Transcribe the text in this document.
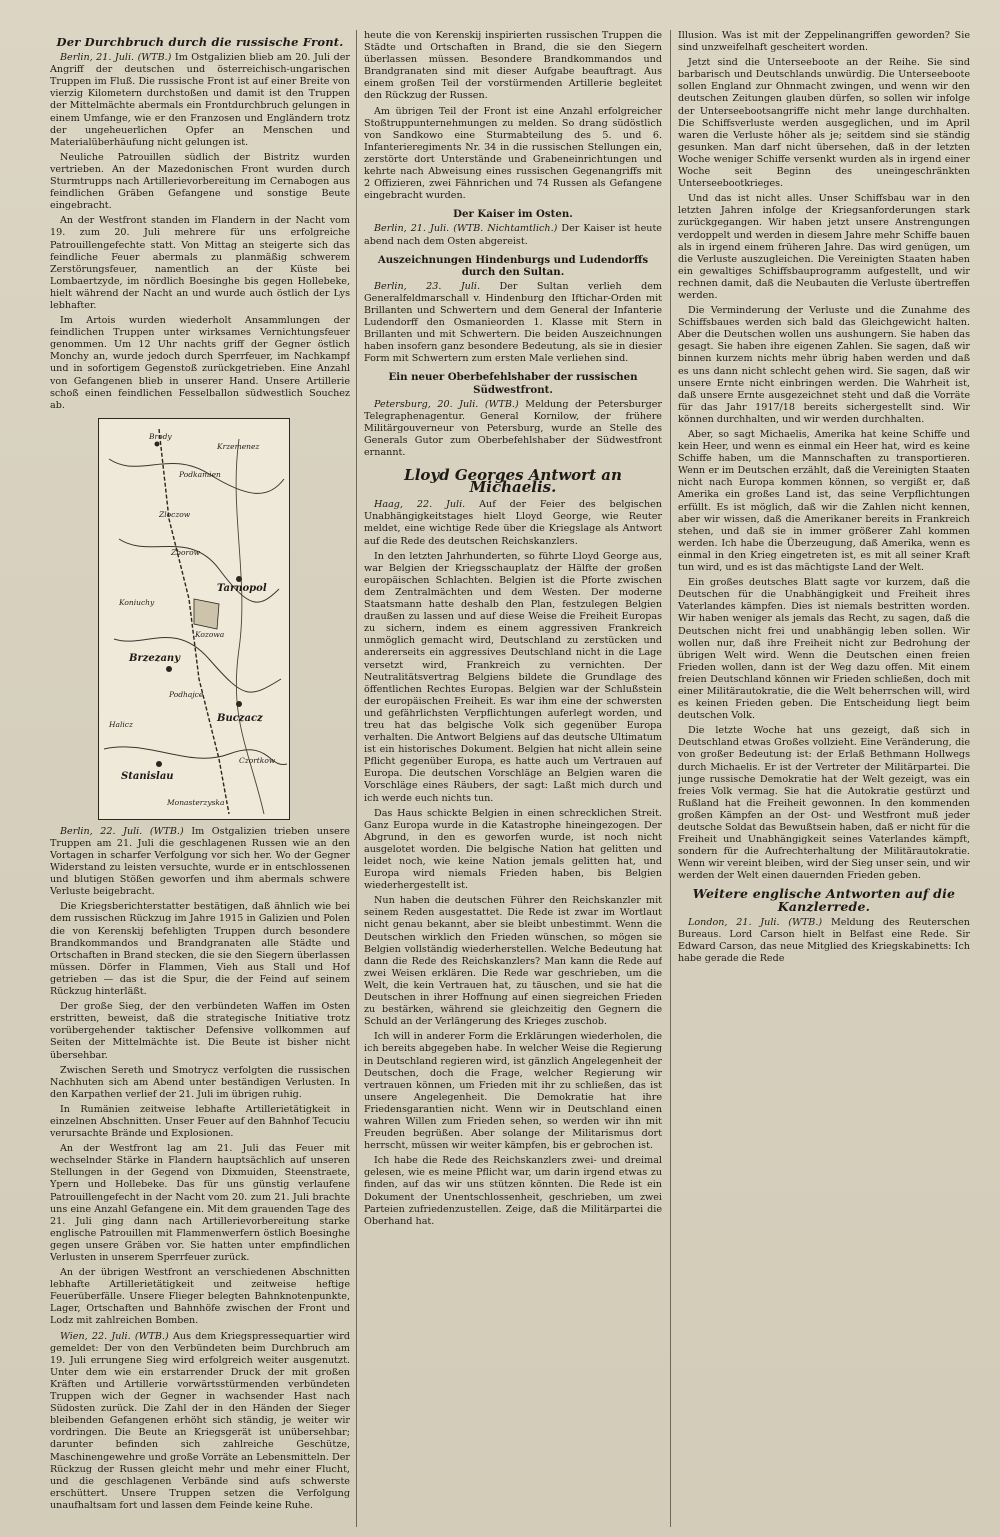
Der Durchbruch durch die russische Front.

Berlin, 21. Juli. (WTB.) Im Ostgalizien blieb am 20. Juli der Angriff der deutschen und österreichisch-ungarischen Truppen im Fluß. Die russische Front ist auf einer Breite von vierzig Kilometern durchstoßen und damit ist den Truppen der Mittelmächte abermals ein Frontdurchbruch gelungen in einem Umfange, wie er den Franzosen und Engländern trotz der ungeheuerlichen Opfer an Menschen und Materialüberhäufung nicht gelungen ist.

Neuliche Patrouillen südlich der Bistritz wurden vertrieben. An der Mazedonischen Front wurden durch Sturmtrupps nach Artillerievorbereitung im Cernabogen aus feindlichen Gräben Gefangene und sonstige Beute eingebracht.

An der Westfront standen im Flandern in der Nacht vom 19. zum 20. Juli mehrere für uns erfolgreiche Patrouillengefechte statt. Von Mittag an steigerte sich das feindliche Feuer abermals zu planmäßig schwerem Zerstörungsfeuer, namentlich an der Küste bei Lombaertzyde, im nördlich Boesinghe bis gegen Hollebeke, hielt während der Nacht an und wurde auch östlich der Lys lebhafter.

Im Artois wurden wiederholt Ansammlungen der feindlichen Truppen unter wirksames Vernichtungsfeuer genommen. Um 12 Uhr nachts griff der Gegner östlich Monchy an, wurde jedoch durch Sperrfeuer, im Nachkampf und in sofortigem Gegenstoß zurückgetrieben. Eine Anzahl von Gefangenen blieb in unserer Hand. Unsere Artillerie schoß einen feindlichen Fesselballon südwestlich Souchez ab.

Brody
Krzemenez
Podkamien
Zloczow
Zborow
Tarnopol
Brzezany
Podhajce
Buczacz
Stanislau
Czortkow
Monasterzyska
Halicz
Kozowa
Koniuchy

Berlin, 22. Juli. (WTB.) Im Ostgalizien trieben unsere Truppen am 21. Juli die geschlagenen Russen wie an den Vortagen in scharfer Verfolgung vor sich her. Wo der Gegner Widerstand zu leisten versuchte, wurde er in entschlossenen und blutigen Stößen geworfen und ihm abermals schwere Verluste beigebracht.

Die Kriegsberichterstatter bestätigen, daß ähnlich wie bei dem russischen Rückzug im Jahre 1915 in Galizien und Polen die von Kerenskij befehligten Truppen durch besondere Brandkommandos und Brandgranaten alle Städte und Ortschaften in Brand stecken, die sie den Siegern überlassen müssen. Dörfer in Flammen, Vieh aus Stall und Hof getrieben — das ist die Spur, die der Feind auf seinem Rückzug hinterläßt.

Der große Sieg, der den verbündeten Waffen im Osten erstritten, beweist, daß die strategische Initiative trotz vorübergehender taktischer Defensive vollkommen auf Seiten der Mittelmächte ist. Die Beute ist bisher nicht übersehbar.

Zwischen Sereth und Smotrycz verfolgten die russischen Nachhuten sich am Abend unter beständigen Verlusten. In den Karpathen verlief der 21. Juli im übrigen ruhig.

In Rumänien zeitweise lebhafte Artillerietätigkeit in einzelnen Abschnitten. Unser Feuer auf den Bahnhof Tecuciu verursachte Brände und Explosionen.

An der Westfront lag am 21. Juli das Feuer mit wechselnder Stärke in Flandern hauptsächlich auf unseren Stellungen in der Gegend von Dixmuiden, Steenstraete, Ypern und Hollebeke. Das für uns günstig verlaufene Patrouillengefecht in der Nacht vom 20. zum 21. Juli brachte uns eine Anzahl Gefangene ein. Mit dem grauenden Tage des 21. Juli ging dann nach Artillerievorbereitung starke englische Patrouillen mit Flammenwerfern östlich Boesinghe gegen unsere Gräben vor. Sie hatten unter empfindlichen Verlusten in unserem Sperrfeuer zurück.

An der übrigen Westfront an verschiedenen Abschnitten lebhafte Artillerietätigkeit und zeitweise heftige Feuerüberfälle. Unsere Flieger belegten Bahnknotenpunkte, Lager, Ortschaften und Bahnhöfe zwischen der Front und Lodz mit zahlreichen Bomben.

Wien, 22. Juli. (WTB.) Aus dem Kriegspressequartier wird gemeldet: Der von den Verbündeten beim Durchbruch am 19. Juli errungene Sieg wird erfolgreich weiter ausgenutzt. Unter dem wie ein erstarrender Druck der mit großen Kräften und Artillerie vorwärtsstürmenden verbündeten Truppen wich der Gegner in wachsender Hast nach Südosten zurück. Die Zahl der in den Händen der Sieger bleibenden Gefangenen erhöht sich ständig, je weiter wir vordringen. Die Beute an Kriegsgerät ist unübersehbar; darunter befinden sich zahlreiche Geschütze, Maschinengewehre und große Vorräte an Lebensmitteln. Der Rückzug der Russen gleicht mehr und mehr einer Flucht, und die geschlagenen Verbände sind aufs schwerste erschüttert. Unsere Truppen setzen die Verfolgung unaufhaltsam fort und lassen dem Feinde keine Ruhe.

heute die von Kerenskij inspirierten russischen Truppen die Städte und Ortschaften in Brand, die sie den Siegern überlassen müssen. Besondere Brandkommandos und Brandgranaten sind mit dieser Aufgabe beauftragt. Aus einem großen Teil der vorstürmenden Artillerie begleitet den Rückzug der Russen.

Am übrigen Teil der Front ist eine Anzahl erfolgreicher Stoßtruppunternehmungen zu melden. So drang südöstlich von Sandkowo eine Sturmabteilung des 5. und 6. Infanterieregiments Nr. 34 in die russischen Stellungen ein, zerstörte dort Unterstände und Grabeneinrichtungen und kehrte nach Abweisung eines russischen Gegenangriffs mit 2 Offizieren, zwei Fähnrichen und 74 Russen als Gefangene eingebracht wurden.

Der Kaiser im Osten.

Berlin, 21. Juli. (WTB. Nichtamtlich.) Der Kaiser ist heute abend nach dem Osten abgereist.

Auszeichnungen Hindenburgs und Ludendorffs durch den Sultan.

Berlin, 23. Juli. Der Sultan verlieh dem Generalfeldmarschall v. Hindenburg den Iftichar-Orden mit Brillanten und Schwertern und dem General der Infanterie Ludendorff den Osmanieorden 1. Klasse mit Stern in Brillanten und mit Schwertern. Die beiden Auszeichnungen haben insofern ganz besondere Bedeutung, als sie in diesier Form mit Schwertern zum ersten Male verliehen sind.

Ein neuer Oberbefehlshaber der russischen Südwestfront.

Petersburg, 20. Juli. (WTB.) Meldung der Petersburger Telegraphenagentur. General Kornilow, der frühere Militärgouverneur von Petersburg, wurde an Stelle des Generals Gutor zum Oberbefehlshaber der Südwestfront ernannt.

Lloyd Georges Antwort an Michaelis.

Haag, 22. Juli. Auf der Feier des belgischen Unabhängigkeitstages hielt Lloyd George, wie Reuter meldet, eine wichtige Rede über die Kriegslage als Antwort auf die Rede des deutschen Reichskanzlers.

In den letzten Jahrhunderten, so führte Lloyd George aus, war Belgien der Kriegsschauplatz der Hälfte der großen europäischen Schlachten. Belgien ist die Pforte zwischen dem Zentralmächten und dem Westen. Der moderne Staatsmann hatte deshalb den Plan, festzulegen Belgien draußen zu lassen und auf diese Weise die Freiheit Europas zu sichern, indem es einem aggressiven Frankreich unmöglich gemacht wird, Deutschland zu zerstücken und andererseits ein aggressives Deutschland nicht in die Lage versetzt wird, Frankreich zu vernichten. Der Neutralitätsvertrag Belgiens bildete die Grundlage des öffentlichen Rechtes Europas. Belgien war der Schlußstein der europäischen Freiheit. Es war ihm eine der schwersten und gefährlichsten Verpflichtungen auferlegt worden, und treu hat das belgische Volk sich gegenüber Europa verhalten. Die Antwort Belgiens auf das deutsche Ultimatum ist ein historisches Dokument. Belgien hat nicht allein seine Pflicht gegenüber Europa, es hatte auch um Vertrauen auf Europa. Die deutschen Vorschläge an Belgien waren die Vorschläge eines Räubers, der sagt: Laßt mich durch und ich werde euch nichts tun.

Das Haus schickte Belgien in einen schrecklichen Streit. Ganz Europa wurde in die Katastrophe hineingezogen. Der Abgrund, in den es geworfen wurde, ist noch nicht ausgelotet worden. Die belgische Nation hat gelitten und leidet noch, wie keine Nation jemals gelitten hat, und Europa wird niemals Frieden haben, bis Belgien wiederhergestellt ist.

Nun haben die deutschen Führer den Reichskanzler mit seinem Reden ausgestattet. Die Rede ist zwar im Wortlaut nicht genau bekannt, aber sie bleibt unbestimmt. Wenn die Deutschen wirklich den Frieden wünschen, so mögen sie Belgien vollständig wiederherstellen. Welche Bedeutung hat dann die Rede des Reichskanzlers? Man kann die Rede auf zwei Weisen erklären. Die Rede war geschrieben, um die Welt, die kein Vertrauen hat, zu täuschen, und sie hat die Deutschen in ihrer Hoffnung auf einen siegreichen Frieden zu bestärken, während sie gleichzeitig den Gegnern die Schuld an der Verlängerung des Krieges zuschob.

Ich will in anderer Form die Erklärungen wiederholen, die ich bereits abgegeben habe. In welcher Weise die Regierung in Deutschland regieren wird, ist gänzlich Angelegenheit der Deutschen, doch die Frage, welcher Regierung wir vertrauen können, um Frieden mit ihr zu schließen, das ist unsere Angelegenheit. Die Demokratie hat ihre Friedensgarantien nicht. Wenn wir in Deutschland einen wahren Willen zum Frieden sehen, so werden wir ihn mit Freuden begrüßen. Aber solange der Militarismus dort herrscht, müssen wir weiter kämpfen, bis er gebrochen ist.

Ich habe die Rede des Reichskanzlers zwei- und dreimal gelesen, wie es meine Pflicht war, um darin irgend etwas zu finden, auf das wir uns stützen könnten. Die Rede ist ein Dokument der Unentschlossenheit, geschrieben, um zwei Parteien zufriedenzustellen. Zeige, daß die Militärpartei die Oberhand hat.

Illusion. Was ist mit der Zeppelinangriffen geworden? Sie sind unzweifelhaft gescheitert worden.

Jetzt sind die Unterseeboote an der Reihe. Sie sind barbarisch und Deutschlands unwürdig. Die Unterseeboote sollen England zur Ohnmacht zwingen, und wenn wir den deutschen Zeitungen glauben dürfen, so sollen wir infolge der Unterseebootsangriffe nicht mehr lange durchhalten. Die Schiffsverluste werden ausgeglichen, und im April waren die Verluste höher als je; seitdem sind sie ständig gesunken. Man darf nicht übersehen, daß in der letzten Woche weniger Schiffe versenkt wurden als in irgend einer Woche seit Beginn des uneingeschränkten Unterseebootkrieges.

Und das ist nicht alles. Unser Schiffsbau war in den letzten Jahren infolge der Kriegsanforderungen stark zurückgegangen. Wir haben jetzt unsere Anstrengungen verdoppelt und werden in diesem Jahre mehr Schiffe bauen als in irgend einem früheren Jahre. Das wird genügen, um die Verluste auszugleichen. Die Vereinigten Staaten haben ein gewaltiges Schiffsbauprogramm aufgestellt, und wir rechnen damit, daß die Neubauten die Verluste übertreffen werden.

Die Verminderung der Verluste und die Zunahme des Schiffsbaues werden sich bald das Gleichgewicht halten. Aber die Deutschen wollen uns aushungern. Sie haben das gesagt. Sie haben ihre eigenen Zahlen. Sie sagen, daß wir binnen kurzem nichts mehr übrig haben werden und daß es uns dann nicht schlecht gehen wird. Sie sagen, daß wir unsere Ernte nicht einbringen werden. Die Wahrheit ist, daß unsere Ernte ausgezeichnet steht und daß die Vorräte für das Jahr 1917/18 bereits sichergestellt sind. Wir können durchhalten, und wir werden durchhalten.

Aber, so sagt Michaelis, Amerika hat keine Schiffe und kein Heer, und wenn es einmal ein Heer hat, wird es keine Schiffe haben, um die Mannschaften zu transportieren. Wenn er im Deutschen erzählt, daß die Vereinigten Staaten nicht nach Europa kommen können, so vergißt er, daß Amerika ein großes Land ist, das seine Verpflichtungen erfüllt. Es ist möglich, daß wir die Zahlen nicht kennen, aber wir wissen, daß die Amerikaner bereits in Frankreich stehen, und daß sie in immer größerer Zahl kommen werden. Ich habe die Überzeugung, daß Amerika, wenn es einmal in den Krieg eingetreten ist, es mit all seiner Kraft tun wird, und es ist das mächtigste Land der Welt.

Ein großes deutsches Blatt sagte vor kurzem, daß die Deutschen für die Unabhängigkeit und Freiheit ihres Vaterlandes kämpfen. Dies ist niemals bestritten worden. Wir haben weniger als jemals das Recht, zu sagen, daß die Deutschen nicht frei und unabhängig leben sollen. Wir wollen nur, daß ihre Freiheit nicht zur Bedrohung der übrigen Welt wird. Wenn die Deutschen einen freien Frieden wollen, dann ist der Weg dazu offen. Mit einem freien Deutschland können wir Frieden schließen, doch mit einer Militärautokratie, die die Welt beherrschen will, wird es keinen Frieden geben. Die Entscheidung liegt beim deutschen Volk.

Die letzte Woche hat uns gezeigt, daß sich in Deutschland etwas Großes vollzieht. Eine Veränderung, die von großer Bedeutung ist: der Erlaß Bethmann Hollwegs durch Michaelis. Er ist der Vertreter der Militärpartei. Die junge russische Demokratie hat der Welt gezeigt, was ein freies Volk vermag. Sie hat die Autokratie gestürzt und Rußland hat die Freiheit gewonnen. In den kommenden großen Kämpfen an der Ost- und Westfront muß jeder deutsche Soldat das Bewußtsein haben, daß er nicht für die Freiheit und Unabhängigkeit seines Vaterlandes kämpft, sondern für die Aufrechterhaltung der Militärautokratie. Wenn wir vereint bleiben, wird der Sieg unser sein, und wir werden der Welt einen dauernden Frieden geben.

Weitere englische Antworten auf die Kanzlerrede.

London, 21. Juli. (WTB.) Meldung des Reuterschen Bureaus. Lord Carson hielt in Belfast eine Rede. Sir Edward Carson, das neue Mitglied des Kriegskabinetts: Ich habe gerade die Rede
